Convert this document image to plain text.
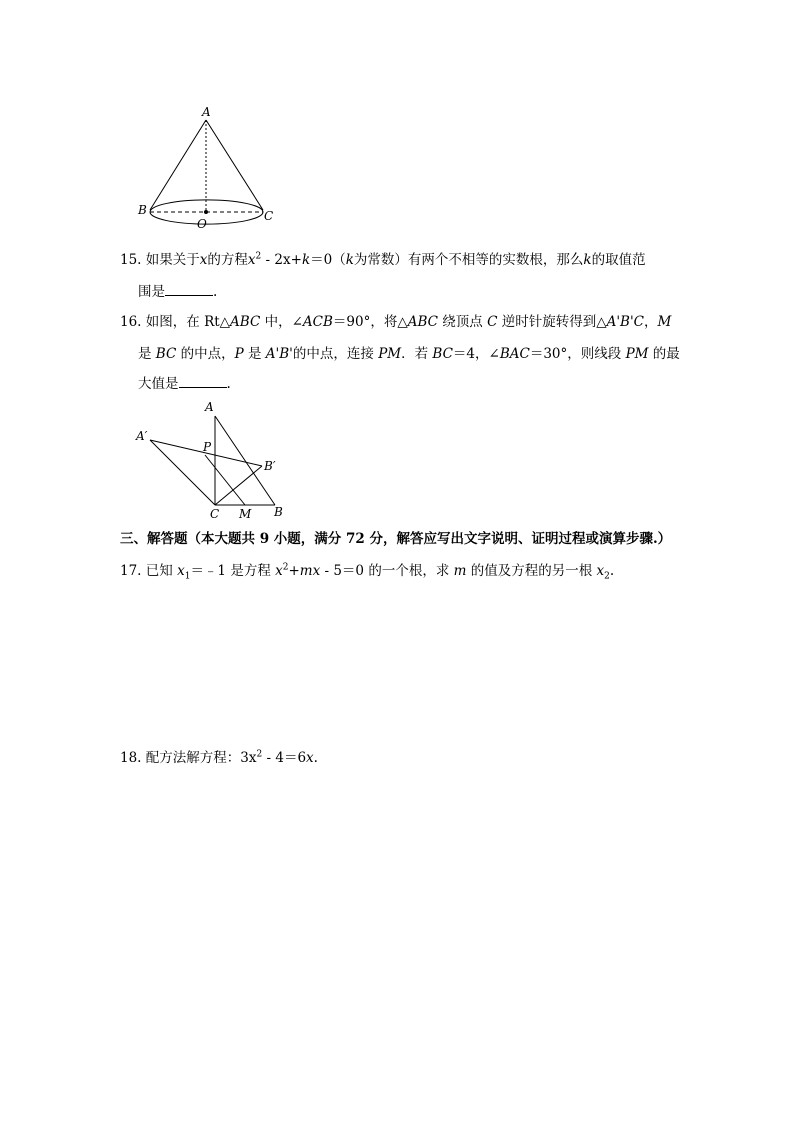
A
B	C
O
15. 如果关于x的方程$x^2 - 2x+k=0(k$为常数）有两个不相等的实数根，那么k的取值范
围是	.
16. 如图，在 Rt△ABC 中，∠ACB＝90°，将△ABC 绕顶点 C 逆时针旋转得到△A'B'C，M
是 BC 的中点，P 是 A'B'的中点，连接 PM．若 BC＝4，∠BAC＝30°，则线段 PM 的最
大值是	.
A
A′
P
B′
C M B
三、解答题（本大题共 9 小题，满分 72 分，解答应写出文字说明、证明过程或演算步骤.）
17. 已知 $x_1=﹣1$ 是方程 $x^2+mx - 5=0$ 的一个根，求 m 的值及方程的另一根 $x_2$.
18. 配方法解方程：$3x^2 - 4=6x$.
